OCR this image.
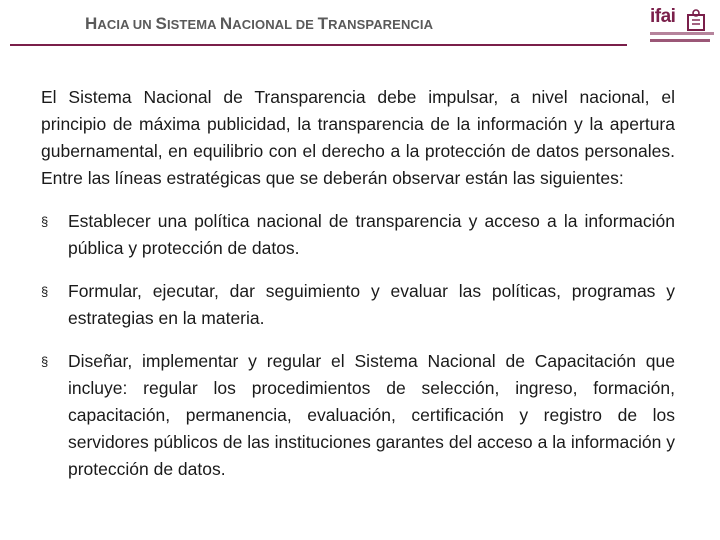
HACIA UN SISTEMA NACIONAL DE TRANSPARENCIA	ifai

El Sistema Nacional de Transparencia debe impulsar, a nivel nacional, el principio de máxima publicidad, la transparencia de la información y la apertura gubernamental, en equilibrio con el derecho a la protección de datos personales. Entre las líneas estratégicas que se deberán observar están las siguientes:

§ Establecer una política nacional de transparencia y acceso a la información pública y protección de datos.
§ Formular, ejecutar, dar seguimiento y evaluar las políticas, programas y estrategias en la materia.
§ Diseñar, implementar y regular el Sistema Nacional de Capacitación que incluye: regular los procedimientos de selección, ingreso, formación, capacitación, permanencia, evaluación, certificación y registro de los servidores públicos de las instituciones garantes del acceso a la información y protección de datos.
